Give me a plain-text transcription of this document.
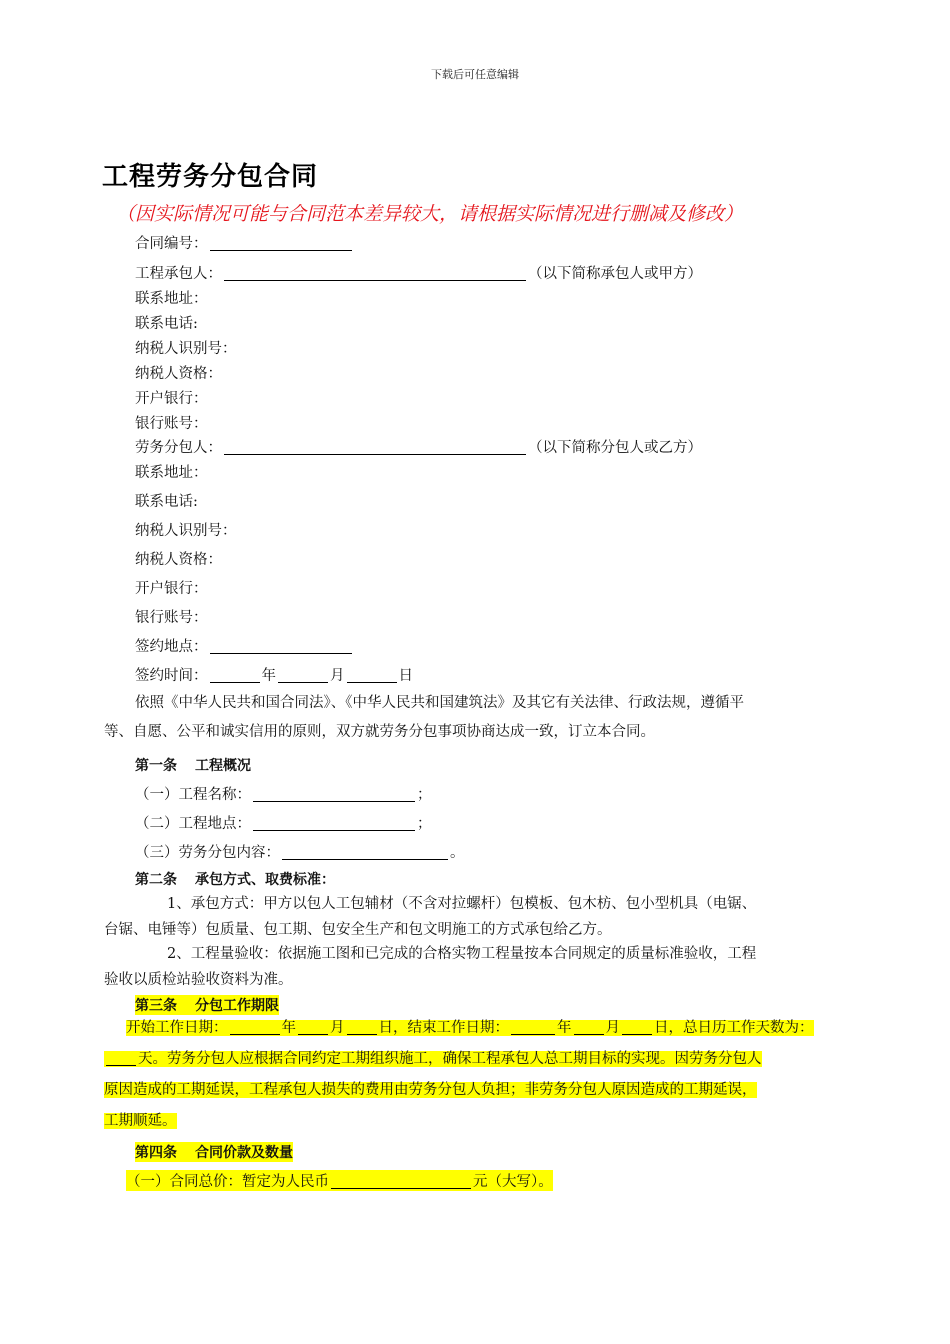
下载后可任意编辑
工程劳务分包合同
（因实际情况可能与合同范本差异较大，请根据实际情况进行删减及修改）
合同编号：
工程承包人：	（以下简称承包人或甲方）
联系地址：
联系电话:
纳税人识别号：
纳税人资格：
开户银行：
银行账号：
劳务分包人：	（以下简称分包人或乙方）
联系地址：
联系电话:
纳税人识别号：
纳税人资格：
开户银行：
银行账号：
签约地点：
签约时间：	年	月	日
依照《中华人民共和国合同法》、《中华人民共和国建筑法》及其它有关法律、行政法规，遵循平
等、自愿、公平和诚实信用的原则，双方就劳务分包事项协商达成一致，订立本合同。
第一条 工程概况
（一）工程名称：	；
（二）工程地点：	；
（三）劳务分包内容：	。
第二条 承包方式、取费标准：
1、承包方式：甲方以包人工包辅材（不含对拉螺杆）包模板、包木枋、包小型机具（电锯、
台锯、电锤等）包质量、包工期、包安全生产和包文明施工的方式承包给乙方。
2、工程量验收：依据施工图和已完成的合格实物工程量按本合同规定的质量标准验收，工程
验收以质检站验收资料为准。
第三条 分包工作期限
开始工作日期：	年 月 日，结束工作日期：	年 月 日，总日历工作天数为：
天。劳务分包人应根据合同约定工期组织施工，确保工程承包人总工期目标的实现。因劳务分包人
原因造成的工期延误，工程承包人损失的费用由劳务分包人负担；非劳务分包人原因造成的工期延误，
工期顺延。
第四条 合同价款及数量
（一）合同总价：暂定为人民币	元（大写）。
